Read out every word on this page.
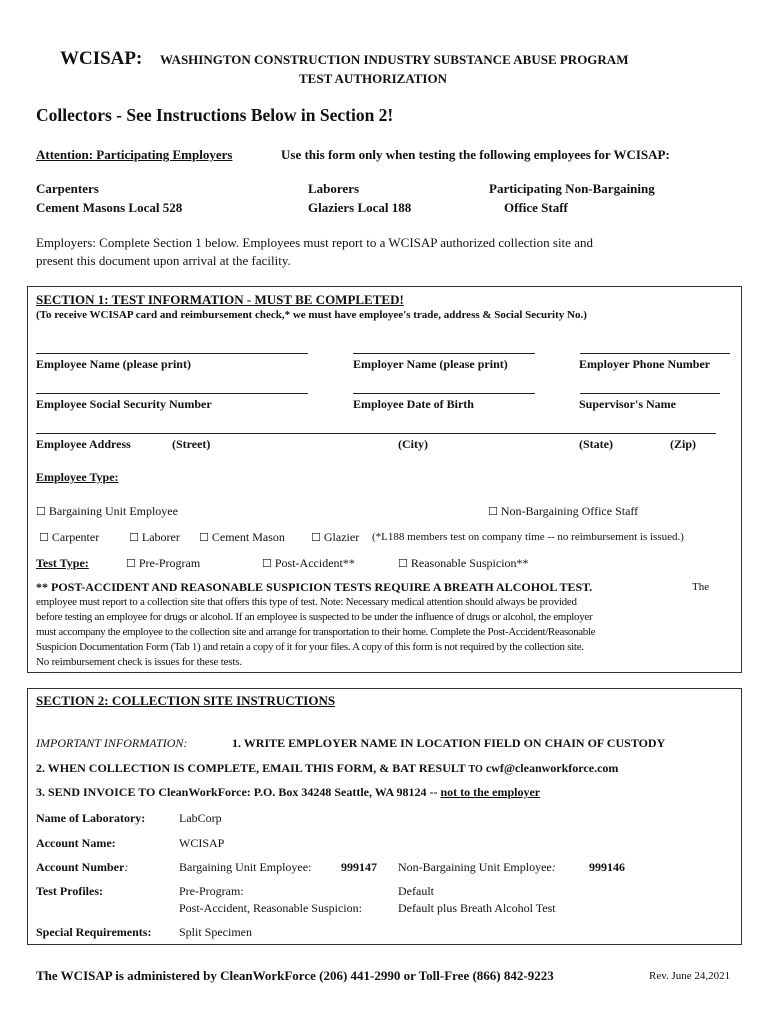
WCISAP: WASHINGTON CONSTRUCTION INDUSTRY SUBSTANCE ABUSE PROGRAM
TEST AUTHORIZATION
Collectors - See Instructions Below in Section 2!
Attention: Participating Employers	Use this form only when testing the following employees for WCISAP:
Carpenters
Cement Masons Local 528
Laborers
Glaziers Local 188
Participating Non-Bargaining
Office Staff
Employers: Complete Section 1 below. Employees must report to a WCISAP authorized collection site and
present this document upon arrival at the facility.
SECTION 1: TEST INFORMATION - MUST BE COMPLETED!
(To receive WCISAP card and reimbursement check,* we must have employee's trade, address & Social Security No.)
Employee Name (please print)	Employer Name (please print)	Employer Phone Number
Employee Social Security Number	Employee Date of Birth	Supervisor's Name
Employee Address	(Street)	(City)	(State)	(Zip)
Employee Type:
☐ Bargaining Unit Employee	☐ Non-Bargaining Office Staff
☐ Carpenter	☐ Laborer ☐ Cement Mason ☐ Glazier (*L188 members test on company time -- no reimbursement is issued.)
Test Type:	☐ Pre-Program	☐ Post-Accident**	☐ Reasonable Suspicion**
** POST-ACCIDENT AND REASONABLE SUSPICION TESTS REQUIRE A BREATH ALCOHOL TEST.	The
employee must report to a collection site that offers this type of test. Note: Necessary medical attention should always be provided
before testing an employee for drugs or alcohol. If an employee is suspected to be under the influence of drugs or alcohol, the employer
must accompany the employee to the collection site and arrange for transportation to their home. Complete the Post-Accident/Reasonable
Suspicion Documentation Form (Tab 1) and retain a copy of it for your files. A copy of this form is not required by the collection site.
No reimbursement check is issues for these tests.
SECTION 2: COLLECTION SITE INSTRUCTIONS
IMPORTANT INFORMATION:	1. WRITE EMPLOYER NAME IN LOCATION FIELD ON CHAIN OF CUSTODY
2. WHEN COLLECTION IS COMPLETE, EMAIL THIS FORM, & BAT RESULT TO cwf@cleanworkforce.com
3. SEND INVOICE TO CleanWorkForce: P.O. Box 34248 Seattle, WA 98124 -- not to the employer
Name of Laboratory:	LabCorp
Account Name:	WCISAP
Account Number:	Bargaining Unit Employee: 999147 Non-Bargaining Unit Employee:	999146
Test Profiles:	Pre-Program:	Default
Post-Accident, Reasonable Suspicion:	Default plus Breath Alcohol Test
Special Requirements: Split Specimen
The WCISAP is administered by CleanWorkForce (206) 441-2990 or Toll-Free (866) 842-9223	Rev. June 24,2021
